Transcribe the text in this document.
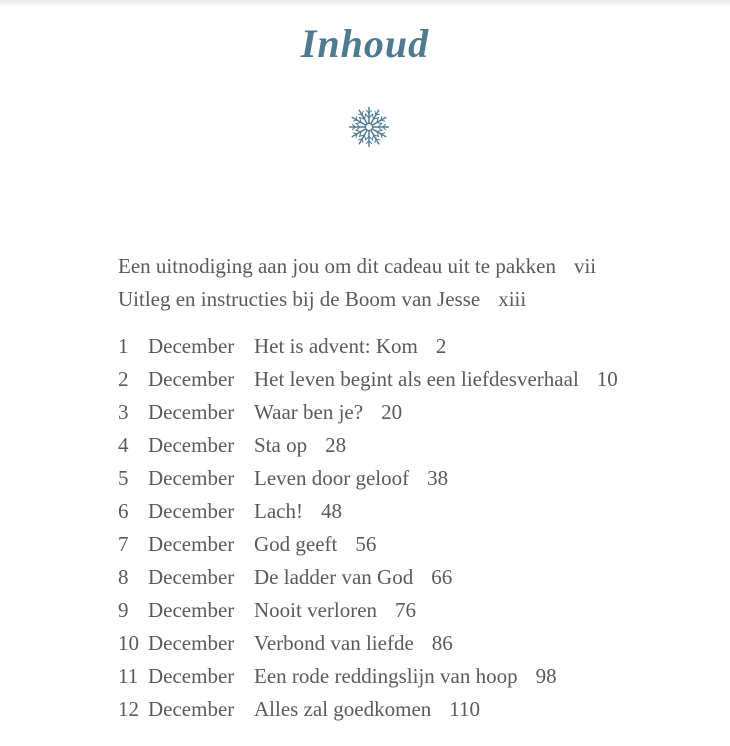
Inhoud
Een uitnodiging aan jou om dit cadeau uit te pakken vii
Uitleg en instructies bij de Boom van Jesse xiii
1 December Het is advent: Kom 2
2 December Het leven begint als een liefdesverhaal 10
3 December Waar ben je? 20
4 December Sta op 28
5 December Leven door geloof 38
6 December Lach! 48
7 December God geeft 56
8 December De ladder van God 66
9 December Nooit verloren 76
10 December Verbond van liefde 86
11 December Een rode reddingslijn van hoop 98
12 December Alles zal goedkomen 110
